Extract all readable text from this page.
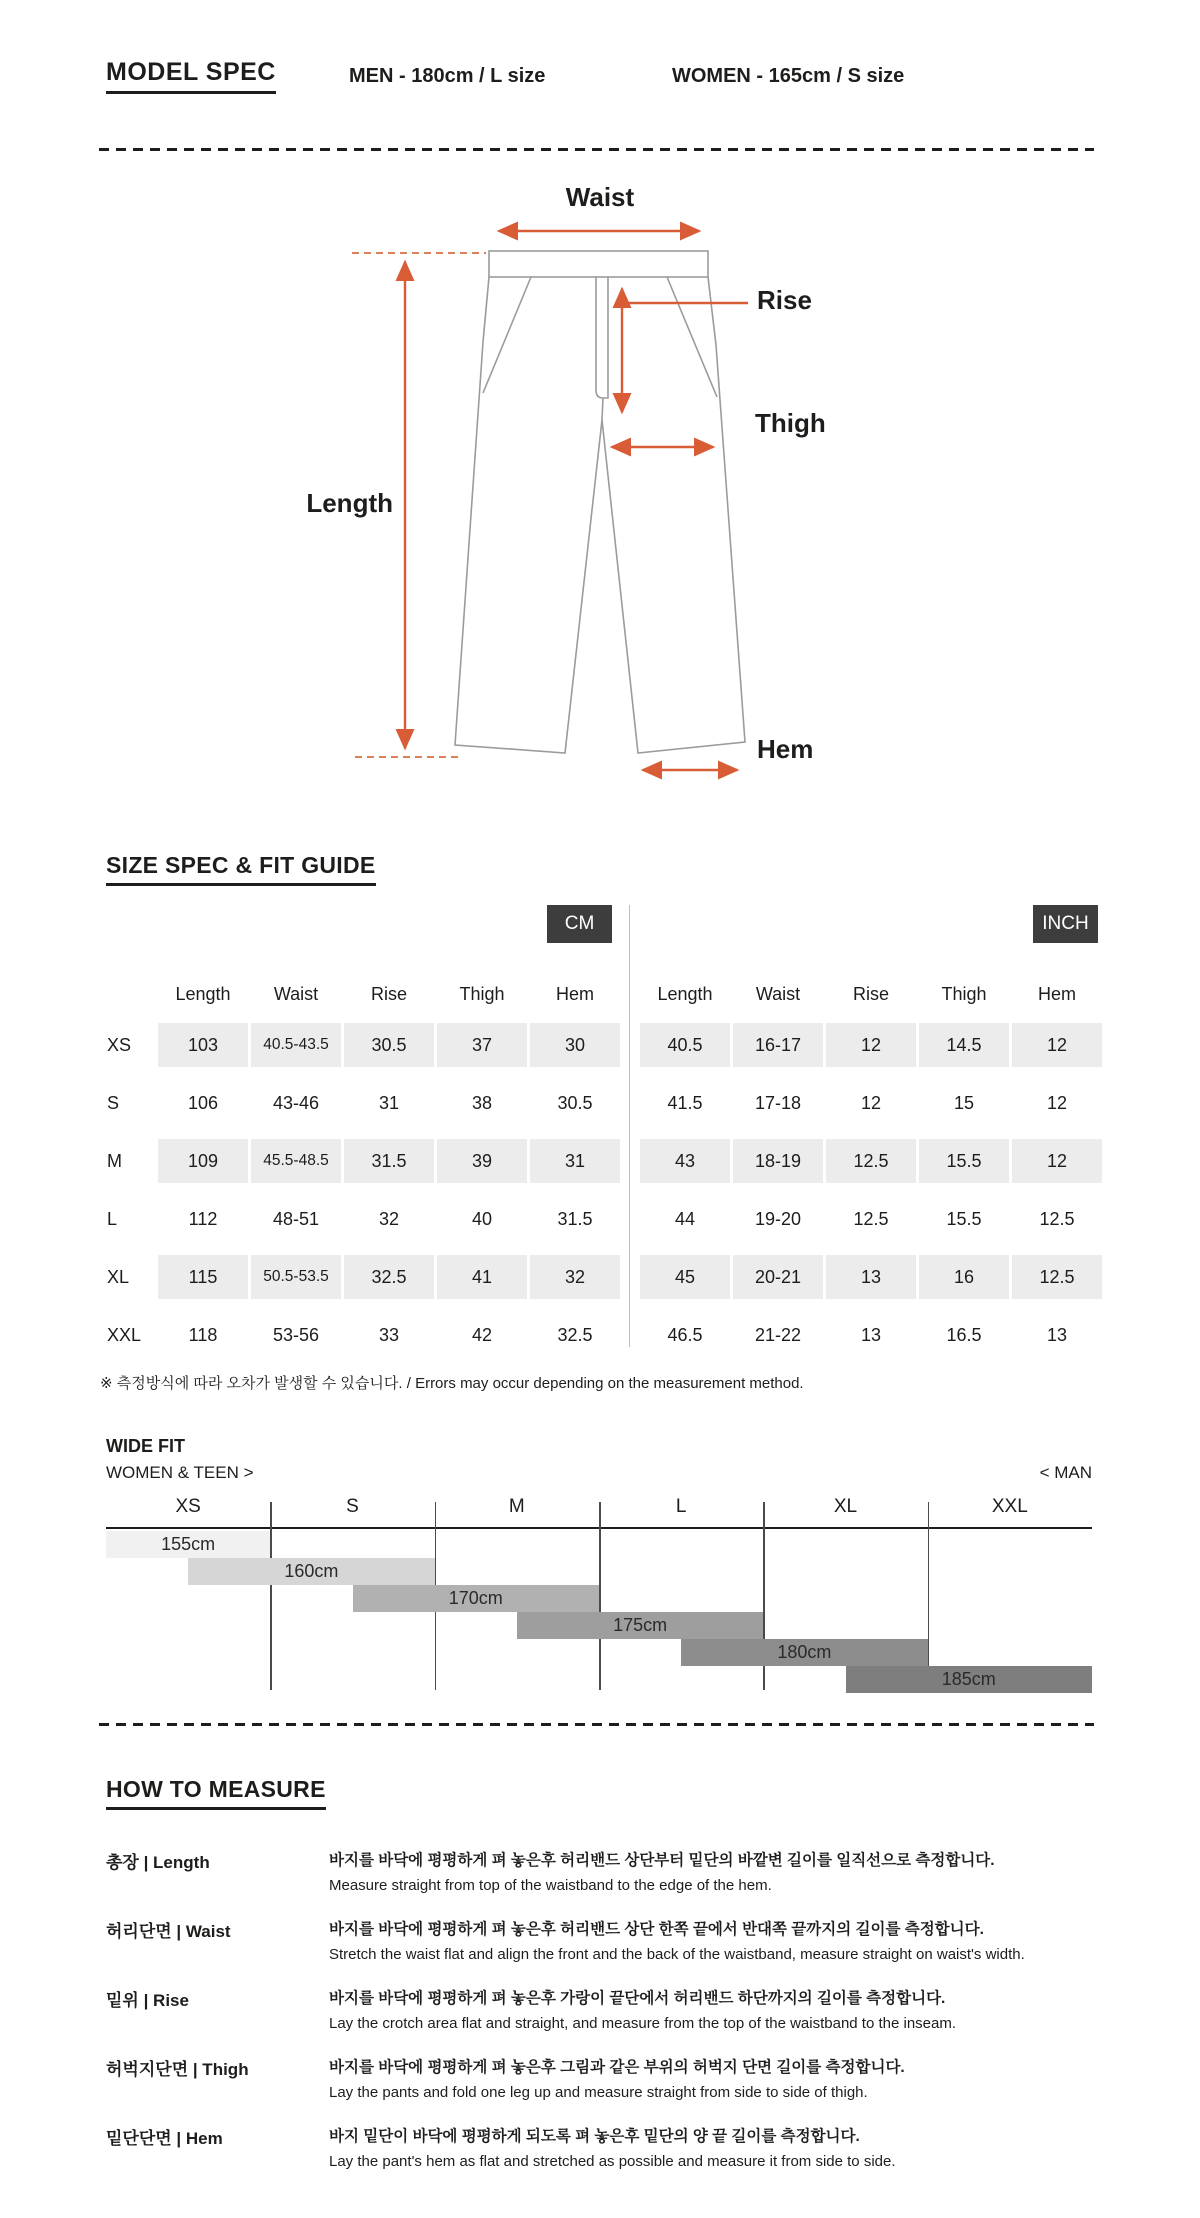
MODEL SPEC	MEN - 180cm / L size	WOMEN - 165cm / S size
Waist
Rise
Thigh
Length
Hem
SIZE SPEC & FIT GUIDE
CM	INCH
Length	Waist	Rise	Thigh	Hem
XS	103	40.5-43.5	30.5	37	30
S	106	43-46	31	38	30.5
M	109	45.5-48.5	31.5	39	31
L	112	48-51	32	40	31.5
XL	115	50.5-53.5	32.5	41	32
XXL	118	53-56	33	42	32.5
Length	Waist	Rise	Thigh	Hem
40.5	16-17	12	14.5	12
41.5	17-18	12	15	12
43	18-19	12.5	15.5	12
44	19-20	12.5	15.5	12.5
45	20-21	13	16	12.5
46.5	21-22	13	16.5	13
※ 측정방식에 따라 오차가 발생할 수 있습니다. / Errors may occur depending on the measurement method.
WIDE FIT
WOMEN & TEEN >	< MAN
XS	S	M	L	XL	XXL
155cm
160cm
170cm
175cm
180cm
185cm
HOW TO MEASURE
총장 | Length	바지를 바닥에 평평하게 펴 놓은후 허리밴드 상단부터 밑단의 바깥변 길이를 일직선으로 측정합니다.
Measure straight from top of the waistband to the edge of the hem.
허리단면 | Waist	바지를 바닥에 평평하게 펴 놓은후 허리밴드 상단 한쪽 끝에서 반대쪽 끝까지의 길이를 측정합니다.
Stretch the waist flat and align the front and the back of the waistband, measure straight on waist's width.
밑위 | Rise	바지를 바닥에 평평하게 펴 놓은후 가랑이 끝단에서 허리밴드 하단까지의 길이를 측정합니다.
Lay the crotch area flat and straight, and measure from the top of the waistband to the inseam.
허벅지단면 | Thigh	바지를 바닥에 평평하게 펴 놓은후 그림과 같은 부위의 허벅지 단면 길이를 측정합니다.
Lay the pants and fold one leg up and measure straight from side to side of thigh.
밑단단면 | Hem	바지 밑단이 바닥에 평평하게 되도록 펴 놓은후 밑단의 양 끝 길이를 측정합니다.
Lay the pant's hem as flat and stretched as possible and measure it from side to side.
